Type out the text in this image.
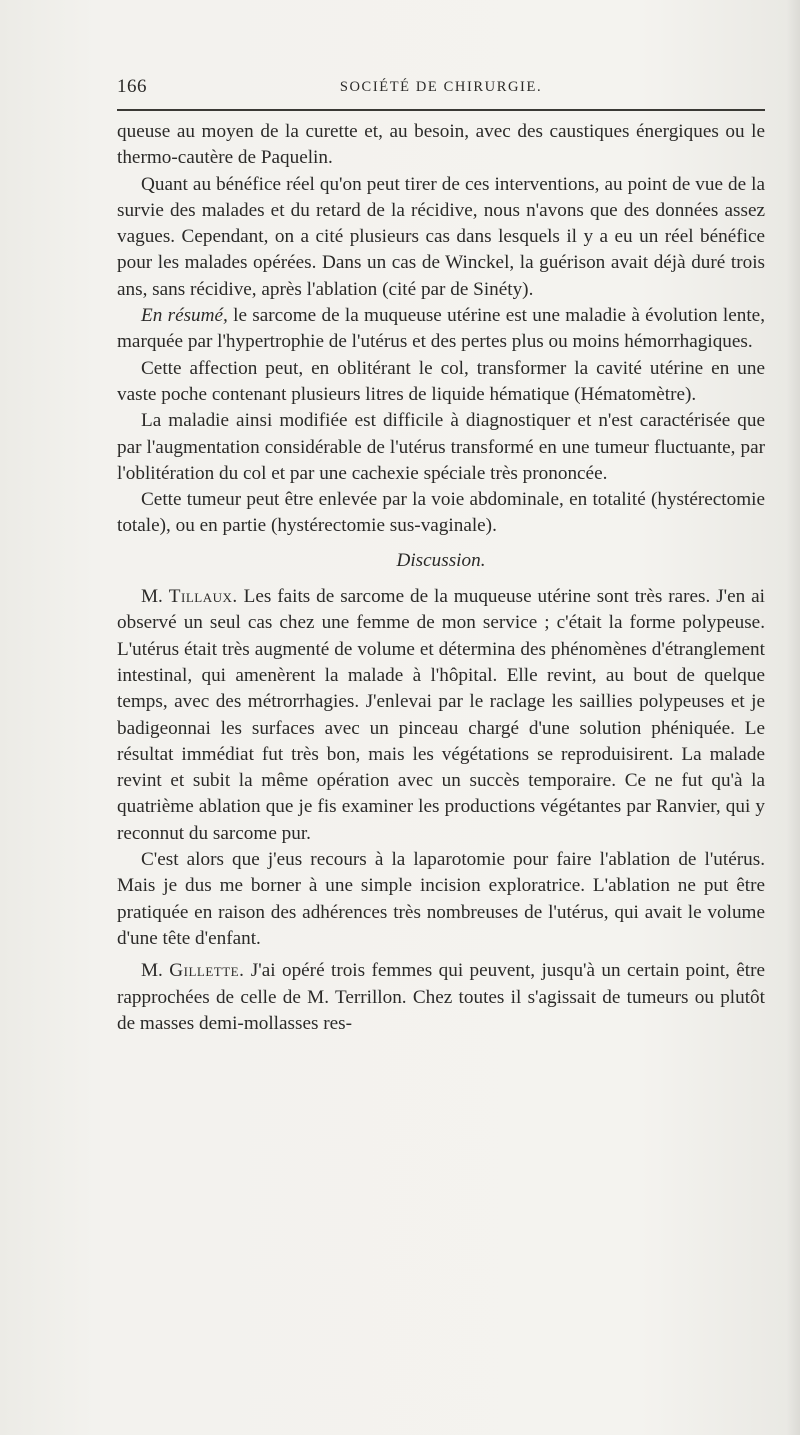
166	SOCIÉTÉ DE CHIRURGIE.

queuse au moyen de la curette et, au besoin, avec des caustiques énergiques ou le thermo-cautère de Paquelin.

Quant au bénéfice réel qu'on peut tirer de ces interventions, au point de vue de la survie des malades et du retard de la récidive, nous n'avons que des données assez vagues. Cependant, on a cité plusieurs cas dans lesquels il y a eu un réel bénéfice pour les malades opérées. Dans un cas de Winckel, la guérison avait déjà duré trois ans, sans récidive, après l'ablation (cité par de Sinéty).

En résumé, le sarcome de la muqueuse utérine est une maladie à évolution lente, marquée par l'hypertrophie de l'utérus et des pertes plus ou moins hémorrhagiques.

Cette affection peut, en oblitérant le col, transformer la cavité utérine en une vaste poche contenant plusieurs litres de liquide hématique (Hématomètre).

La maladie ainsi modifiée est difficile à diagnostiquer et n'est caractérisée que par l'augmentation considérable de l'utérus transformé en une tumeur fluctuante, par l'oblitération du col et par une cachexie spéciale très prononcée.

Cette tumeur peut être enlevée par la voie abdominale, en totalité (hystérectomie totale), ou en partie (hystérectomie sus-vaginale).

Discussion.

M. Tillaux. Les faits de sarcome de la muqueuse utérine sont très rares. J'en ai observé un seul cas chez une femme de mon service ; c'était la forme polypeuse. L'utérus était très augmenté de volume et détermina des phénomènes d'étranglement intestinal, qui amenèrent la malade à l'hôpital. Elle revint, au bout de quelque temps, avec des métrorrhagies. J'enlevai par le raclage les saillies polypeuses et je badigeonnai les surfaces avec un pinceau chargé d'une solution phéniquée. Le résultat immédiat fut très bon, mais les végétations se reproduisirent. La malade revint et subit la même opération avec un succès temporaire. Ce ne fut qu'à la quatrième ablation que je fis examiner les productions végétantes par Ranvier, qui y reconnut du sarcome pur.

C'est alors que j'eus recours à la laparotomie pour faire l'ablation de l'utérus. Mais je dus me borner à une simple incision exploratrice. L'ablation ne put être pratiquée en raison des adhérences très nombreuses de l'utérus, qui avait le volume d'une tête d'enfant.

M. Gillette. J'ai opéré trois femmes qui peuvent, jusqu'à un certain point, être rapprochées de celle de M. Terrillon. Chez toutes il s'agissait de tumeurs ou plutôt de masses demi-mollasses res-
